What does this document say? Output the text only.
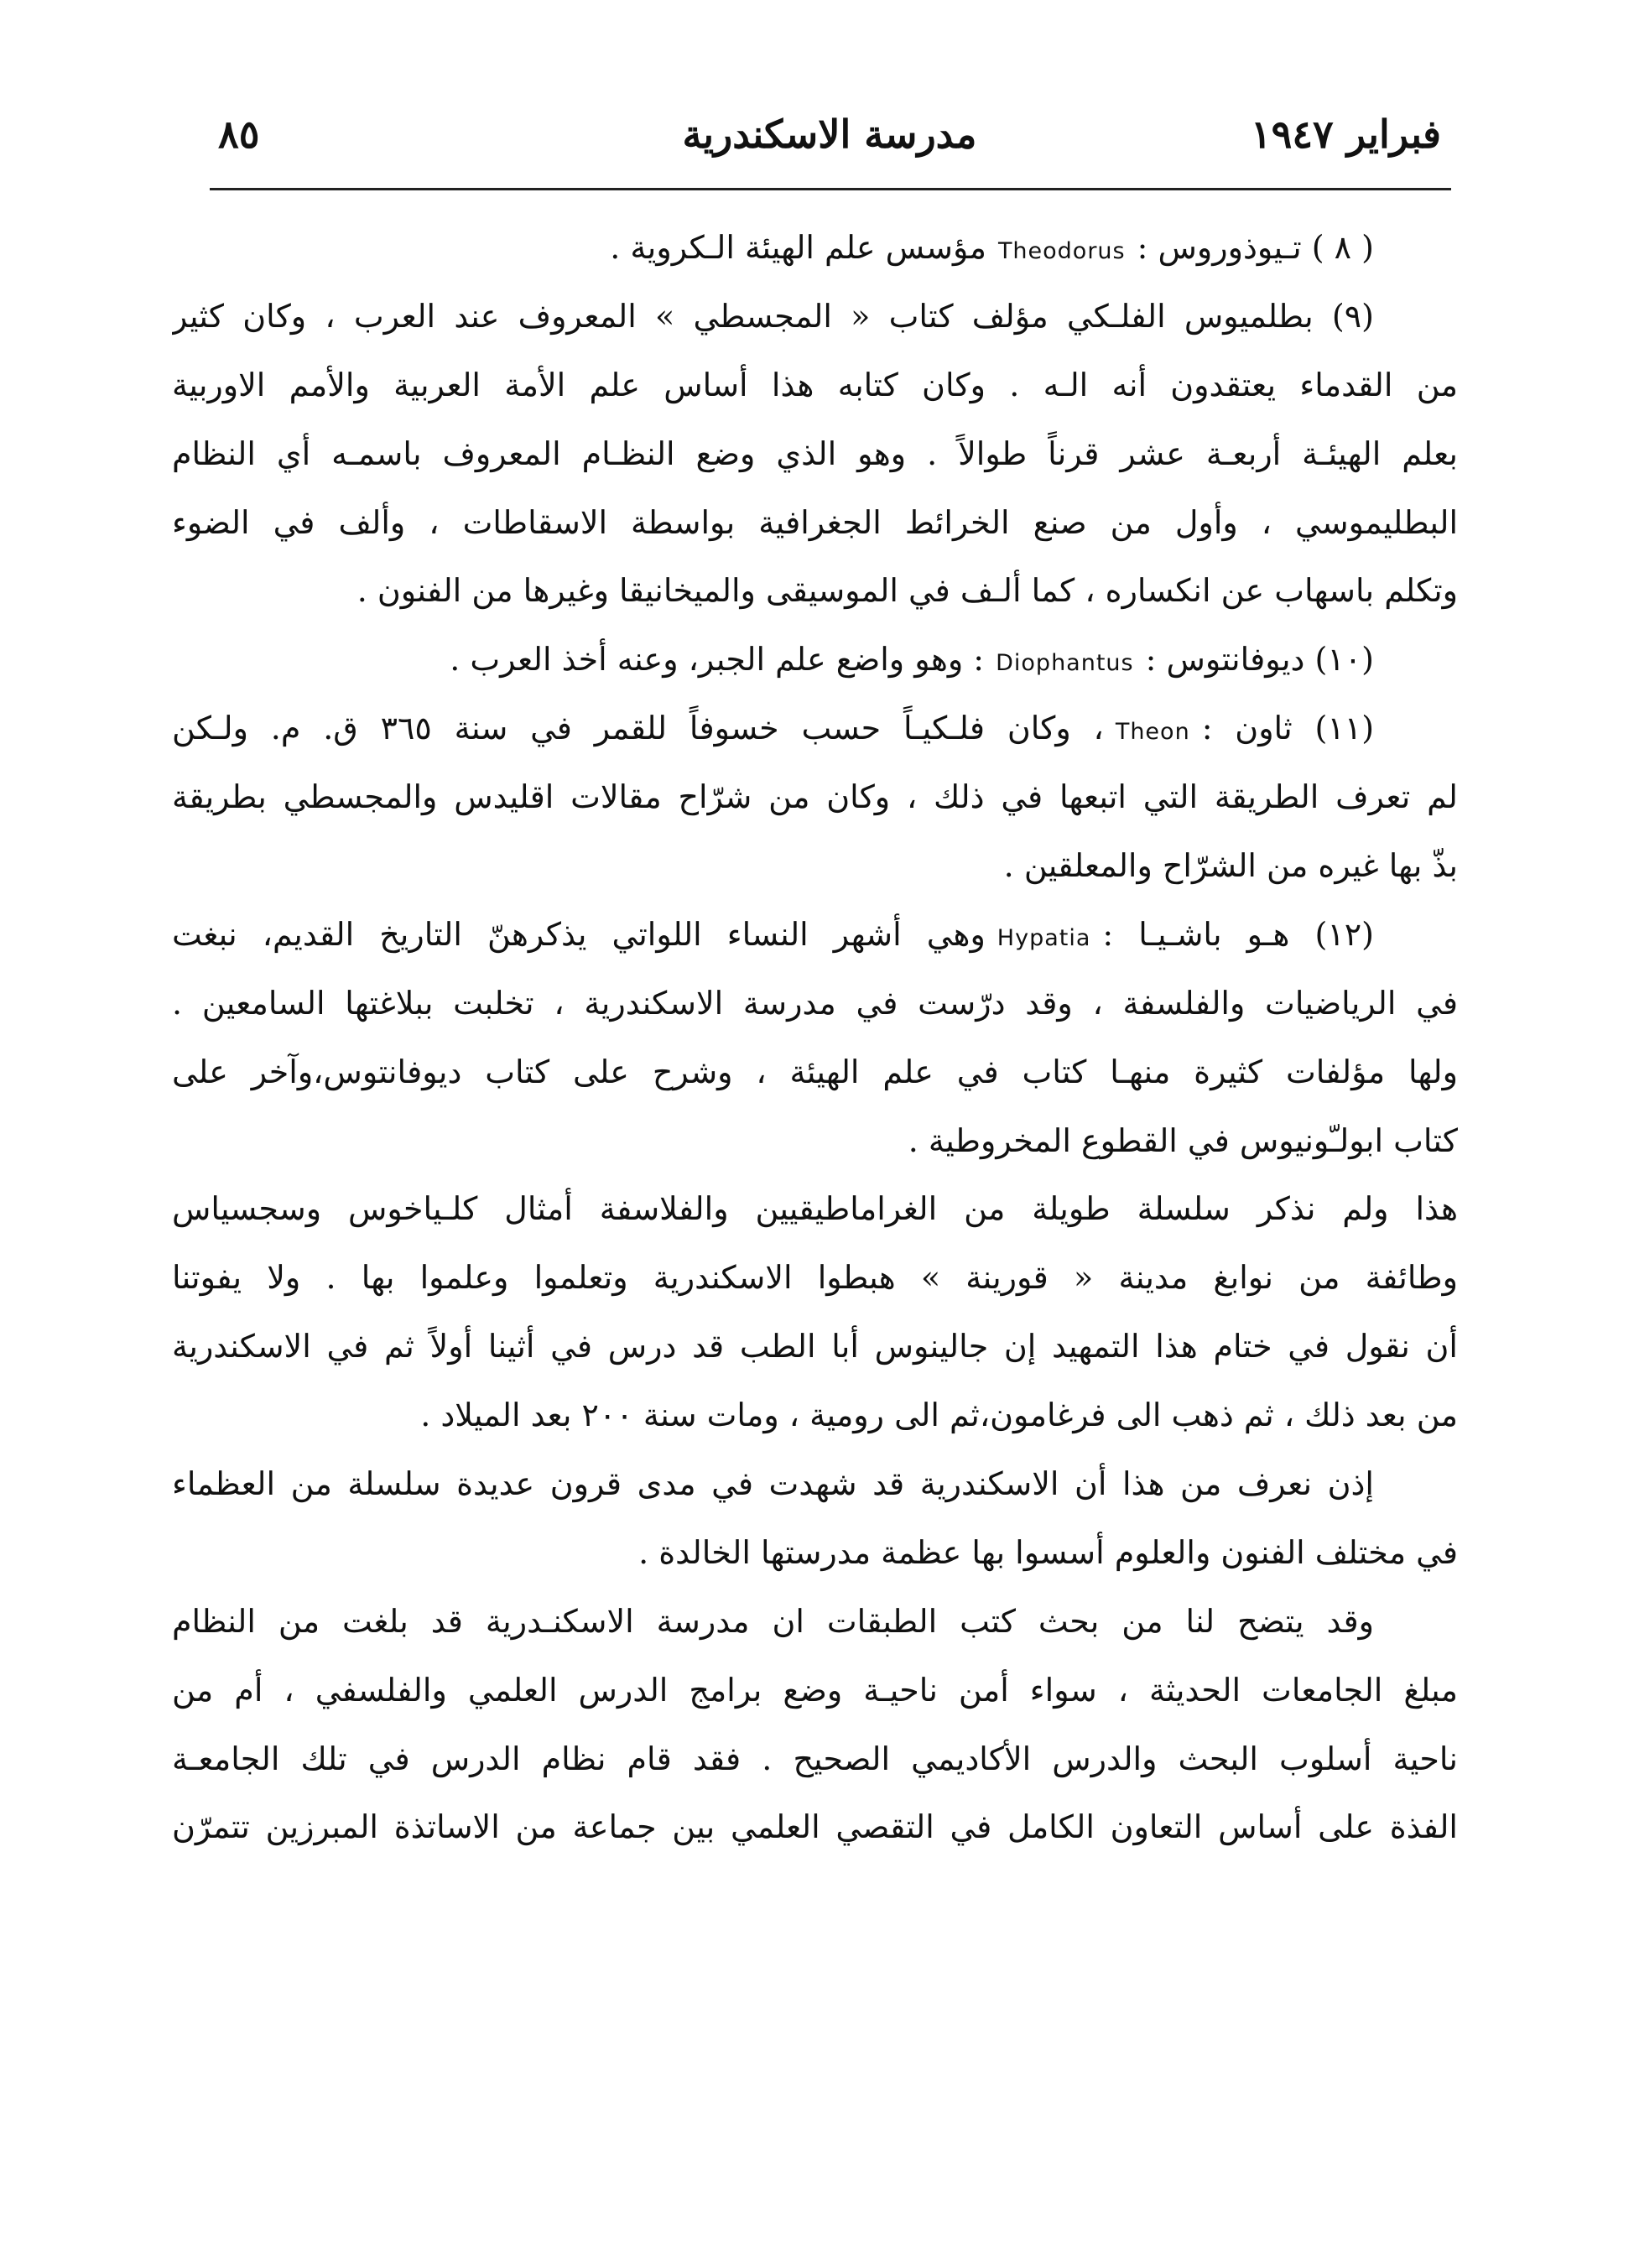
٨٥	مدرسة الاسكندرية	فبراير ١٩٤٧
( ٨ ) تـيوذوروس :Theodorusمؤسس علم الهيئة الـكروية .
(٩) بطلميوس الفلـكي مؤلف كتاب « المجسطي » المعروف عند العرب ، وكان كثير
من القدماء يعتقدون أنه الـه . وكان كتابه هذا أساس علم الأمة العربية والأمم الاوربية
بعلم الهيئـة أربعـة عشر قرناً طوالاً . وهو الذي وضع النظـام المعروف باسمـه أي النظام
البطليموسي ، وأول من صنع الخرائط الجغرافية بواسطة الاسقاطات ، وألف في الضوء
وتكلم باسهاب عن انكساره ، كما ألـف في الموسيقى والميخانيقا وغيرها من الفنون .
(١٠) ديوفانتوس :Diophantus: وهو واضع علم الجبر، وعنه أخذ العرب .
(١١) ثاون :Theon، وكان فلـكيـاً حسب خسوفاً للقمر في سنة ٣٦٥ ق. م. ولـكن
لم تعرف الطريقة التي اتبعها في ذلك ، وكان من شرّاح مقالات اقليدس والمجسطي بطريقة
بذّ بها غيره من الشرّاح والمعلقين .
(١٢) هـو باشـيـا :Hypatiaوهي أشهر النساء اللواتي يذكرهنّ التاريخ القديم، نبغت
في الرياضيات والفلسفة ، وقد درّست في مدرسة الاسكندرية ، تخلبت ببلاغتها السامعين .
ولها مؤلفات كثيرة منهـا كتاب في علم الهيئة ، وشرح على كتاب ديوفانتوس،وآخر على
كتاب ابولـّونيوس في القطوع المخروطية .
هذا ولم نذكر سلسلة طويلة من الغراماطيقيين والفلاسفة أمثال كلـياخوس وسجسياس
وطائفة من نوابغ مدينة « قورينة » هبطوا الاسكندرية وتعلموا وعلموا بها . ولا يفوتنا
أن نقول في ختام هذا التمهيد إن جالينوس أبا الطب قد درس في أثينا أولاً ثم في الاسكندرية
من بعد ذلك ، ثم ذهب الى فرغامون،ثم الى رومية ، ومات سنة ٢٠٠ بعد الميلاد .
إذن نعرف من هذا أن الاسكندرية قد شهدت في مدى قرون عديدة سلسلة من العظماء
في مختلف الفنون والعلوم أسسوا بها عظمة مدرستها الخالدة .
وقد يتضح لنا من بحث كتب الطبقات ان مدرسة الاسكنـدرية قد بلغت من النظام
مبلغ الجامعات الحديثة ، سواء أمن ناحيـة وضع برامج الدرس العلمي والفلسفي ، أم من
ناحية أسلوب البحث والدرس الأكاديمي الصحيح . فقد قام نظام الدرس في تلك الجامعـة
الفذة على أساس التعاون الكامل في التقصي العلمي بين جماعة من الاساتذة المبرزين تتمرّن
